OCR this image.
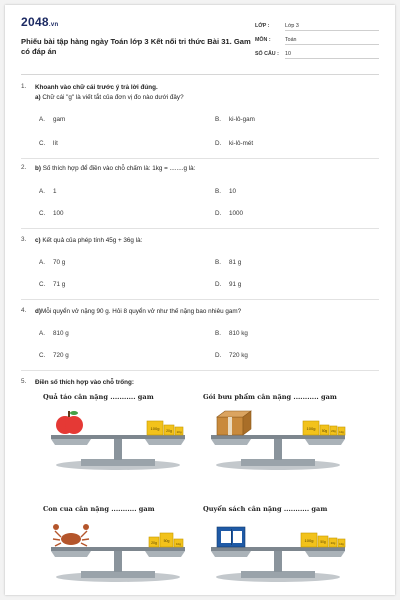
2048.vn
Phiếu bài tập hàng ngày Toán lớp 3 Kết nối tri thức Bài 31. Gam có đáp án
LỚP :	Lớp 3
MÔN :	Toán
SỐ CÂU : 10
1.	Khoanh vào chữ cái trước ý trả lời đúng.
a) Chữ cái "g" là viết tắt của đơn vị đo nào dưới đây?
A. gam	B. ki-lô-gam
C. lít	D. ki-lô-mét
2.	b) Số thích hợp để điền vào chỗ chấm là: 1kg = ........g là:
A. 1	B. 10
C. 100	D. 1000
3.	c) Kết quả của phép tính 45g + 36g là:
A. 70 g	B. 81 g
C. 71 g	D. 91 g
4.	d)Mỗi quyển vở nặng 90 g. Hỏi 8 quyển vở như thế nặng bao nhiêu gam?
A. 810 g	B. 810 kg
C. 720 g	D. 720 kg
5.	Điền số thích hợp vào chỗ trống:
Quả táo cân nặng ........... gam
100g 20g 10g
Gói bưu phẩm cân nặng ........... gam
100g 50g 20g 10g
Con cua cân nặng ........... gam
20g 50g
10g
Quyển sách cân nặng ........... gam
100g 50g 20g 10g
